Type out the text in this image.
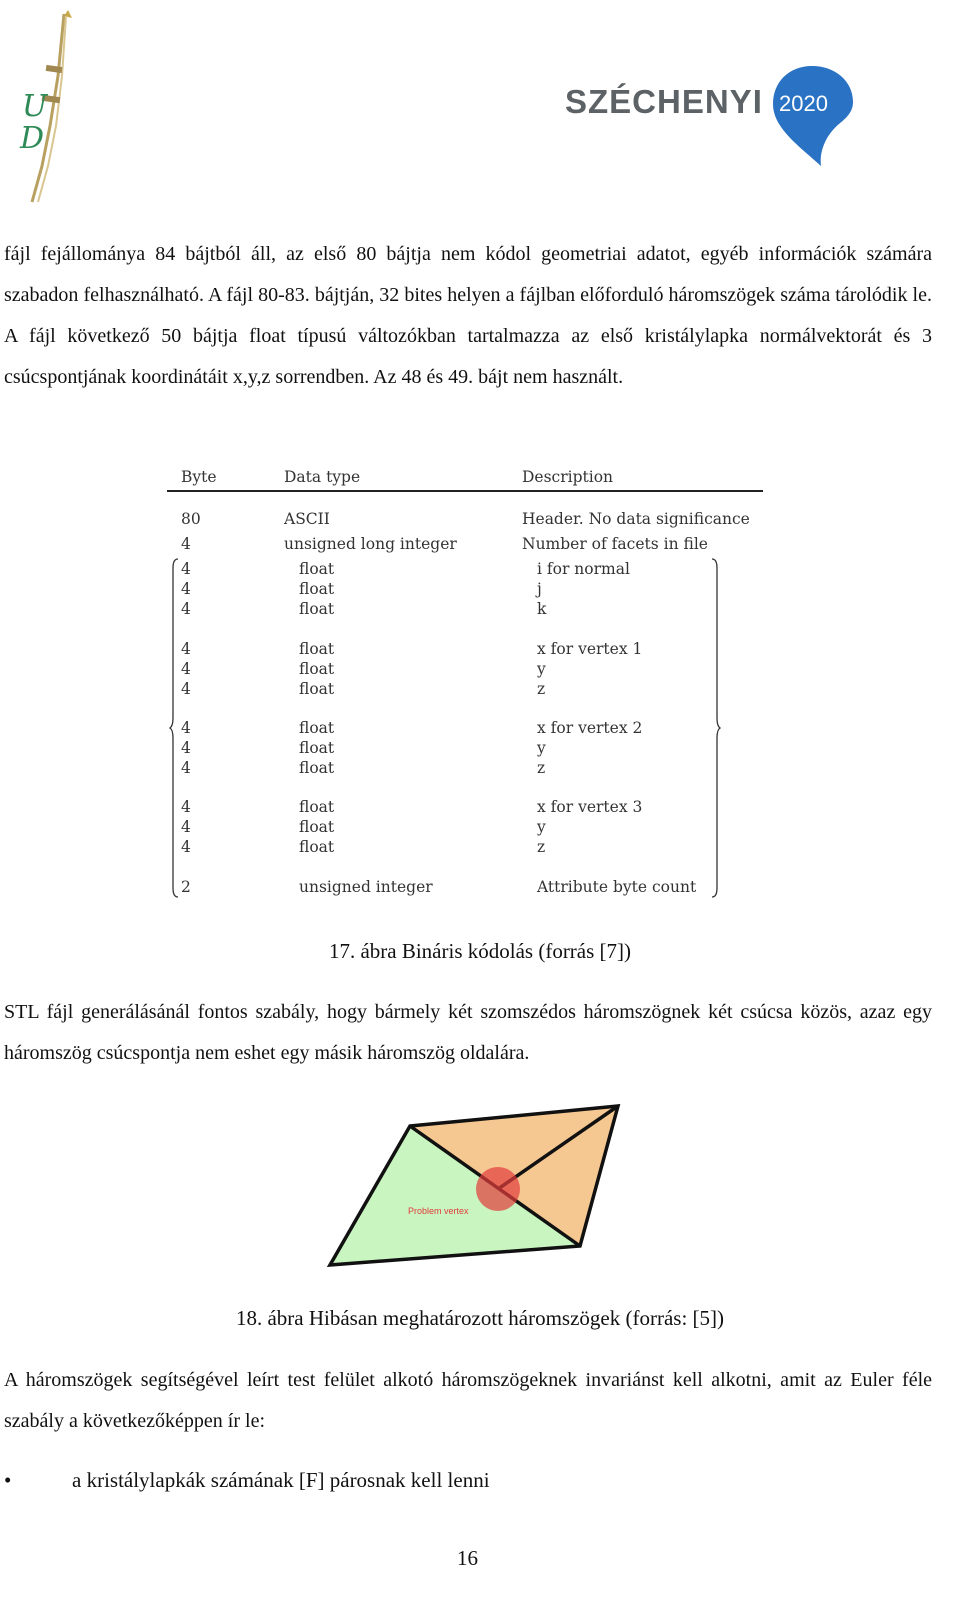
U
D
SZÉCHENYI 2020

fájl fejállománya 84 bájtból áll, az első 80 bájtja nem kódol geometriai adatot, egyéb információk számára szabadon felhasználható. A fájl 80-83. bájtján, 32 bites helyen a fájlban előforduló háromszögek száma tárolódik le. A fájl következő 50 bájtja float típusú változókban tartalmazza az első kristálylapka normálvektorát és 3 csúcspontjának koordinátáit x,y,z sorrendben. Az 48 és 49. bájt nem használt.

Byte	Data type	Description
80	ASCII	Header. No data significance
4	unsigned long integer	Number of facets in file
4	float	i for normal
4	float	j
4	float	k
4	float	x for vertex 1
4	float	y
4	float	z
4	float	x for vertex 2
4	float	y
4	float	z
4	float	x for vertex 3
4	float	y
4	float	z
2	unsigned integer	Attribute byte count
17. ábra Bináris kódolás (forrás [7])

STL fájl generálásánál fontos szabály, hogy bármely két szomszédos háromszögnek két csúcsa közös, azaz egy háromszög csúcspontja nem eshet egy másik háromszög oldalára.

Problem vertex
18. ábra Hibásan meghatározott háromszögek (forrás: [5])

A háromszögek segítségével leírt test felület alkotó háromszögeknek invariánst kell alkotni, amit az Euler féle szabály a következőképpen ír le:

•	a kristálylapkák számának [F] párosnak kell lenni
16
